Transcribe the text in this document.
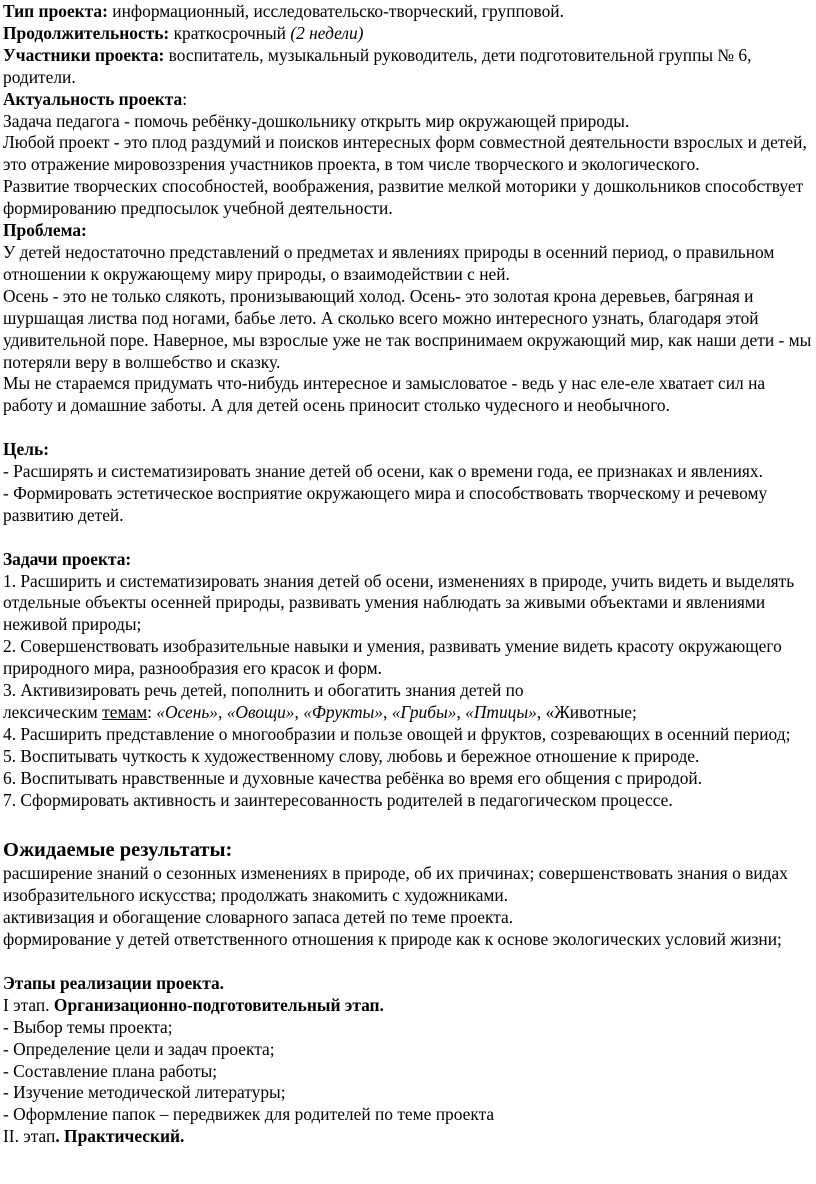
Тип проекта: информационный, исследовательско-творческий, групповой.

Продолжительность: краткосрочный (2 недели)

Участники проекта: воспитатель, музыкальный руководитель, дети подготовительной группы № 6, родители.

Актуальность проекта:

Задача педагога - помочь ребёнку-дошкольнику открыть мир окружающей природы.

Любой проект - это плод раздумий и поисков интересных форм совместной деятельности взрослых и детей, это отражение мировоззрения участников проекта, в том числе творческого и экологического.

Развитие творческих способностей, воображения, развитие мелкой моторики у дошкольников способствует формированию предпосылок учебной деятельности.

Проблема:

У детей недостаточно представлений о предметах и явлениях природы в осенний период, о правильном отношении к окружающему миру природы, о взаимодействии с ней.

Осень - это не только слякоть, пронизывающий холод. Осень- это золотая крона деревьев, багряная и шуршащая листва под ногами, бабье лето. А сколько всего можно интересного узнать, благодаря этой удивительной поре. Наверное, мы взрослые уже не так воспринимаем окружающий мир, как наши дети - мы потеряли веру в волшебство и сказку.

Мы не стараемся придумать что-нибудь интересное и замысловатое - ведь у нас еле-еле хватает сил на работу и домашние заботы. А для детей осень приносит столько чудесного и необычного.

Цель:

- Расширять и систематизировать знание детей об осени, как о времени года, ее признаках и явлениях.

- Формировать эстетическое восприятие окружающего мира и способствовать творческому и речевому развитию детей.

Задачи проекта:

1. Расширить и систематизировать знания детей об осени, изменениях в природе, учить видеть и выделять отдельные объекты осенней природы, развивать умения наблюдать за живыми объектами и явлениями неживой природы;

2. Совершенствовать изобразительные навыки и умения, развивать умение видеть красоту окружающего природного мира, разнообразия его красок и форм.

3. Активизировать речь детей, пополнить и обогатить знания детей по
лексическим темам: «Осень», «Овощи», «Фрукты», «Грибы», «Птицы», «Животные;

4. Расширить представление о многообразии и пользе овощей и фруктов, созревающих в осенний период;

5. Воспитывать чуткость к художественному слову, любовь и бережное отношение к природе.

6. Воспитывать нравственные и духовные качества ребёнка во время его общения с природой.

7. Сформировать активность и заинтересованность родителей в педагогическом процессе.

Ожидаемые результаты:

расширение знаний о сезонных изменениях в природе, об их причинах; совершенствовать знания о видах изобразительного искусства; продолжать знакомить с художниками.

активизация и обогащение словарного запаса детей по теме проекта.

формирование у детей ответственного отношения к природе как к основе экологических условий жизни;

Этапы реализации проекта.

I этап. Организационно-подготовительный этап.

- Выбор темы проекта;

- Определение цели и задач проекта;

- Составление плана работы;

- Изучение методической литературы;

- Оформление папок – передвижек для родителей по теме проекта

II. этап. Практический.
